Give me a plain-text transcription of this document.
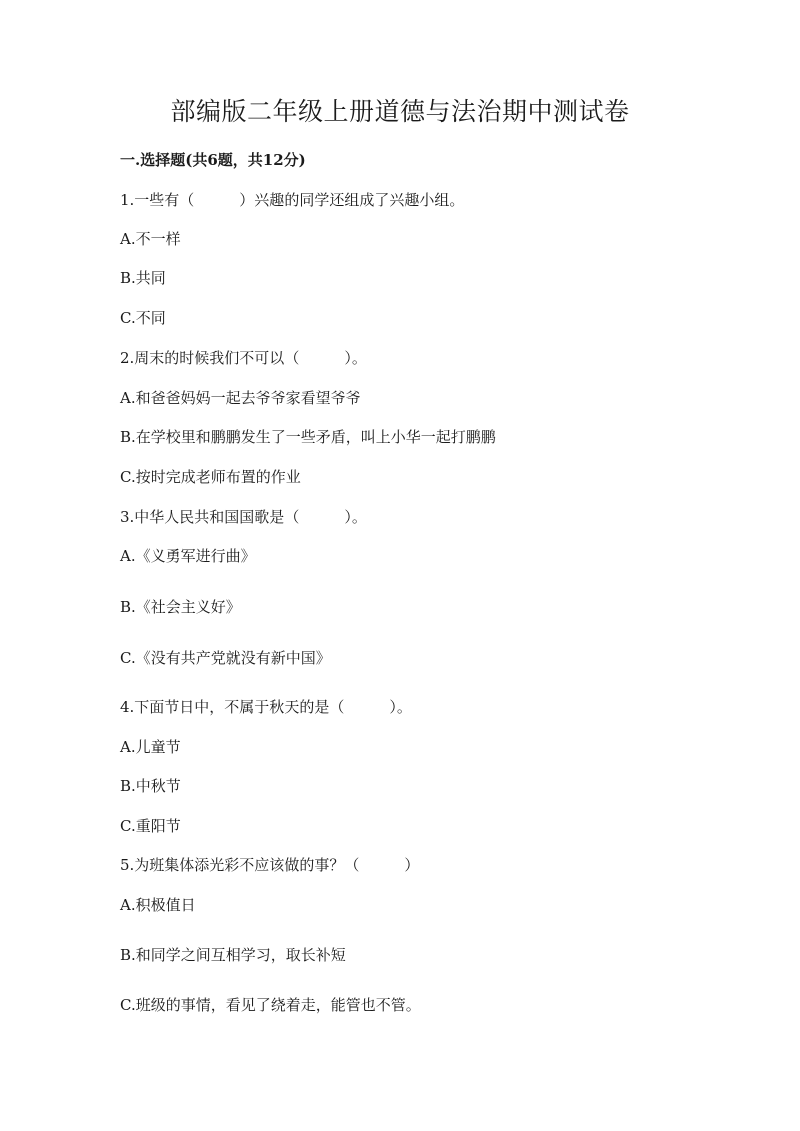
部编版二年级上册道德与法治期中测试卷
一.选择题(共6题，共12分)
1.一些有（　　　）兴趣的同学还组成了兴趣小组。
A.不一样
B.共同
C.不同
2.周末的时候我们不可以（　　　）。
A.和爸爸妈妈一起去爷爷家看望爷爷
B.在学校里和鹏鹏发生了一些矛盾，叫上小华一起打鹏鹏
C.按时完成老师布置的作业
3.中华人民共和国国歌是（　　　）。
A.《义勇军进行曲》
B.《社会主义好》
C.《没有共产党就没有新中国》
4.下面节日中，不属于秋天的是（　　　）。
A.儿童节
B.中秋节
C.重阳节
5.为班集体添光彩不应该做的事？（　　　）
A.积极值日
B.和同学之间互相学习，取长补短
C.班级的事情，看见了绕着走，能管也不管。
